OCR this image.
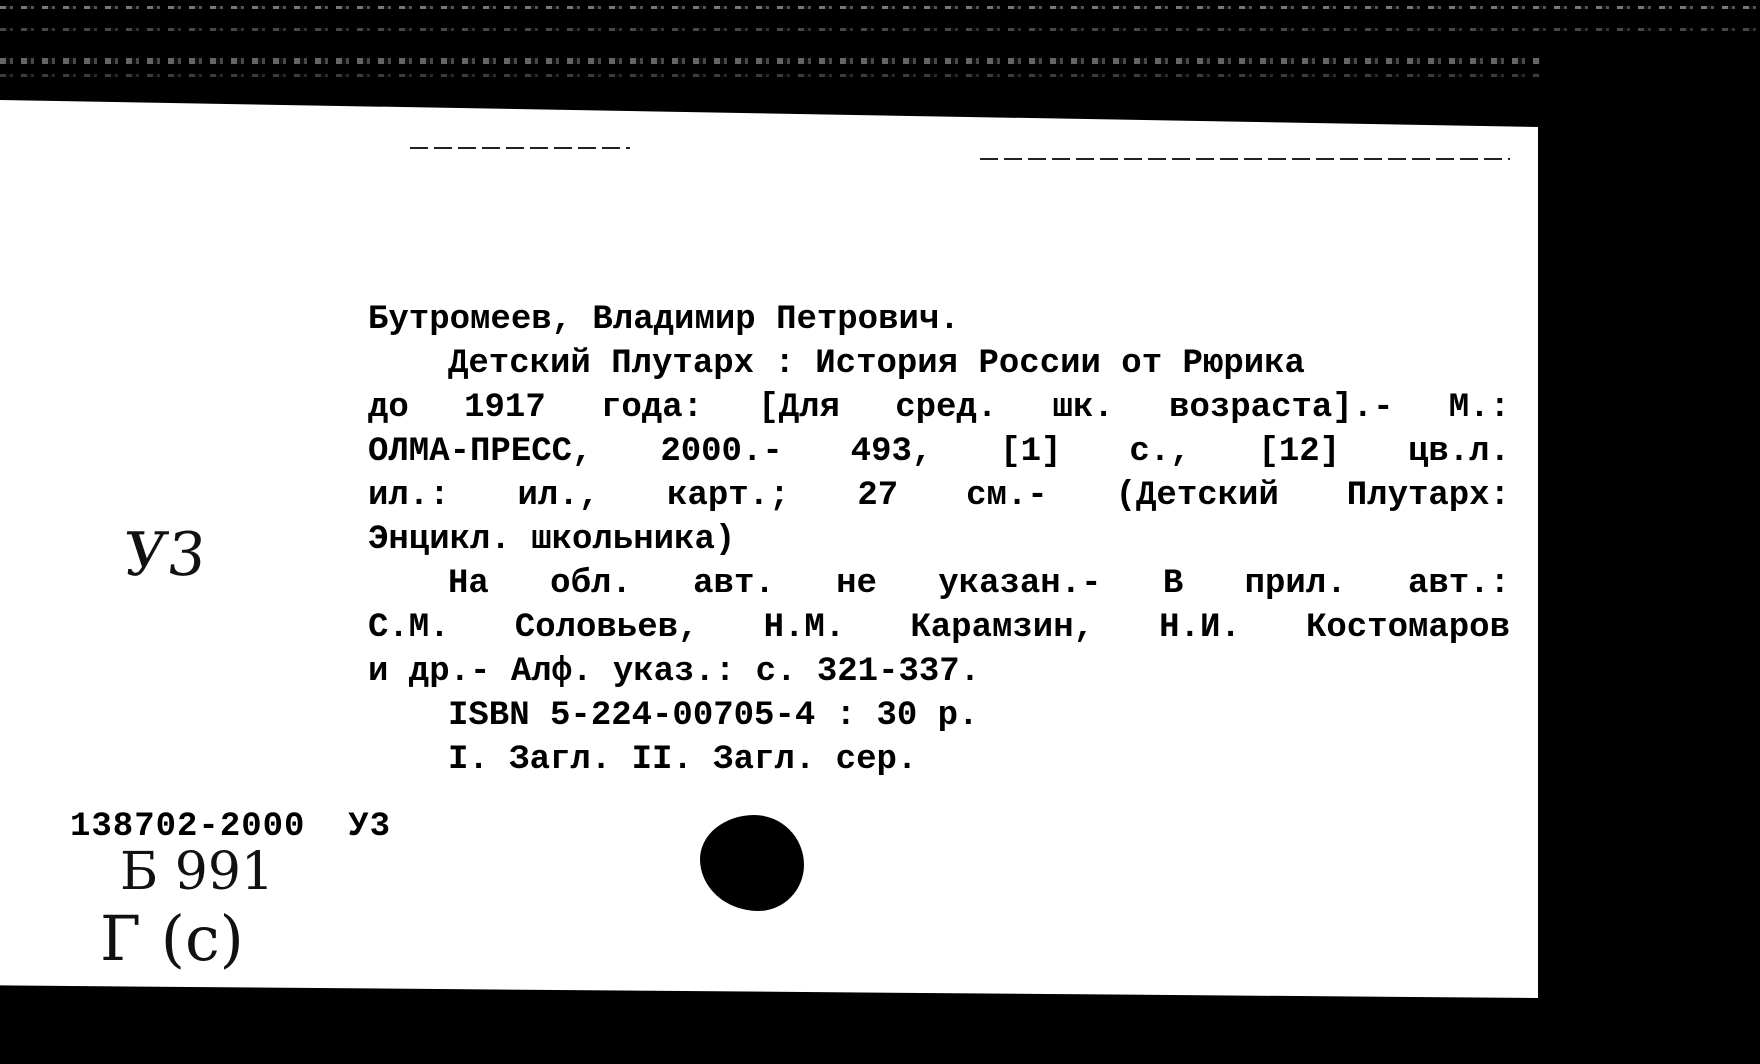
Бутромеев, Владимир Петрович.
Детский Плутарх : История России от Рюрика
до 1917 года: [Для сред. шк. возраста].- М.:
ОЛМА-ПРЕСС, 2000.- 493, [1] с., [12] цв.л.
ил.: ил., карт.; 27 см.- (Детский Плутарх:
Энцикл. школьника)
На обл. авт. не указан.- В прил. авт.:
С.М. Соловьев, Н.М. Карамзин, Н.И. Костомаров
и др.- Алф. указ.: с. 321-337.
ISBN 5-224-00705-4 : 30 р.
I. Загл. II. Загл. сер.
У3
138702-2000  У3
Б 991
Г (с)
